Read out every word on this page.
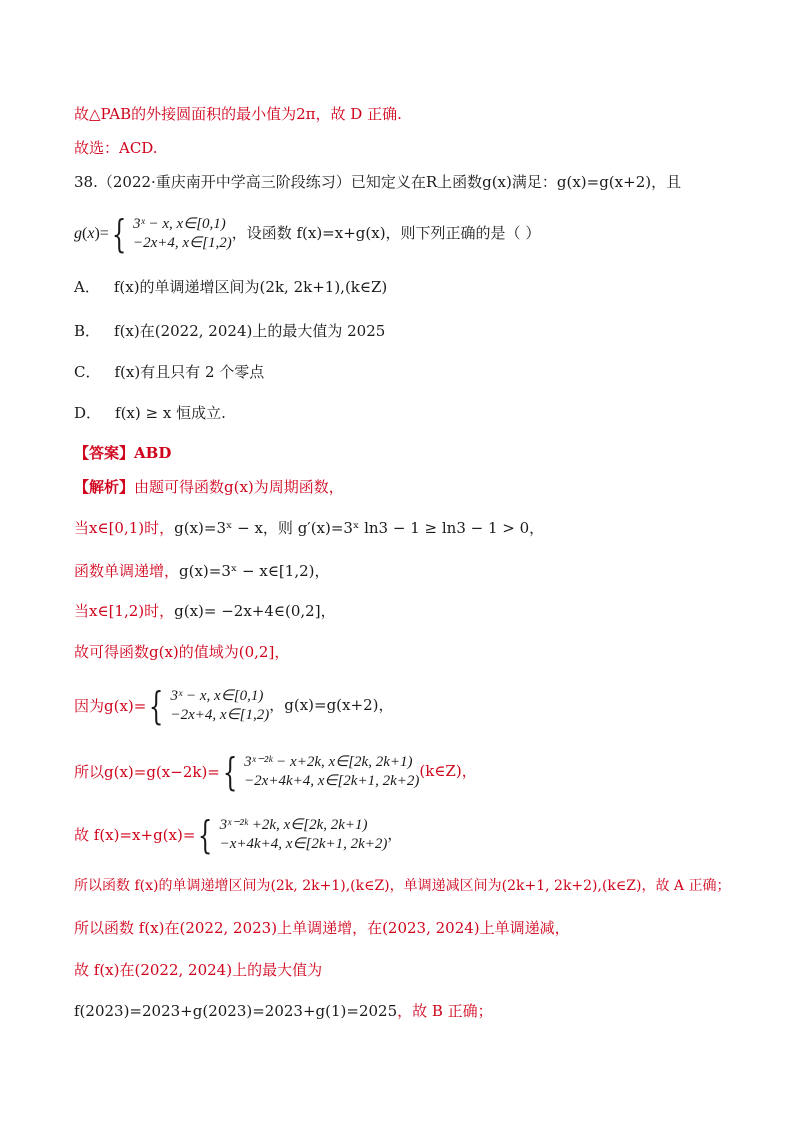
故△PAB的外接圆面积的最小值为2π，故 D 正确.
故选：ACD.
38.（2022·重庆南开中学高三阶段练习）已知定义在R上函数g(x)满足：g(x)=g(x+2)，且
g ( x )= { 3ˣ − x, x∈[0,1)
−2x+4, x∈[1,2)
，设函数 f(x)=x+g(x)，则下列正确的是（ ）
A． f(x)的单调递增区间为(2k, 2k+1),(k∈Z)
B． f(x)在(2022, 2024)上的最大值为 2025
C． f(x)有且只有 2 个零点
D． f(x) ≥ x 恒成立.
【答案】ABD
【解析】由题可得函数g(x)为周期函数，
当x∈[0,1)时，g(x)=3ˣ − x，则 g′(x)=3ˣ ln3 − 1 ≥ ln3 − 1 > 0，
函数单调递增，g(x)=3ˣ − x∈[1,2)，
当x∈[1,2)时，g(x)= −2x+4∈(0,2]，
故可得函数g(x)的值域为(0,2]，
因为g(x)= { 3ˣ − x, x∈[0,1)
−2x+4, x∈[1,2)
，g(x)=g(x+2)，
所以g(x)=g(x−2k)= { 3ˣ⁻²ᵏ − x+2k, x∈[2k, 2k+1)
−2x+4k+4, x∈[2k+1, 2k+2)
(k∈Z)，
故 f(x)=x+g(x)= { 3ˣ⁻²ᵏ +2k, x∈[2k, 2k+1)
−x+4k+4, x∈[2k+1, 2k+2)
，
所以函数 f(x)的单调递增区间为(2k, 2k+1),(k∈Z)，单调递减区间为(2k+1, 2k+2),(k∈Z)，故 A 正确；
所以函数 f(x)在(2022, 2023)上单调递增，在(2023, 2024)上单调递减，
故 f(x)在(2022, 2024)上的最大值为
f(2023)=2023+g(2023)=2023+g(1)=2025，故 B 正确；
